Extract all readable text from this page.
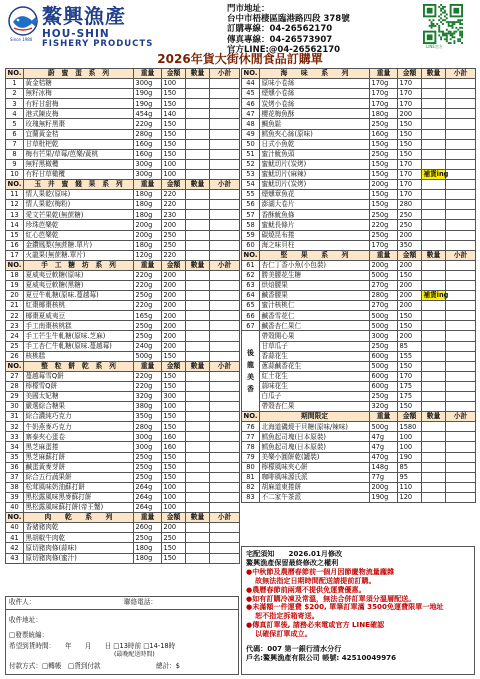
Since 1980
鰲興漁產
HOU-SHIN
FISHERY PRODUCTS
門市地址：
台中市梧棲區臨港路四段 378號
訂購專線：04-26562170
傳真專線：04-26573907
官方LINE:@04-26562170	LINE官方
2026年貨大街休閒食品訂購單
NO.	蔚　蜜　蛋　系　列	重量	金額	數量	小計
1	黃金桔糖	300g	100		
2	無籽冰梅	190g	150		
3	有籽甘甜梅	190g	150		
4	港式陳皮梅	454g	140		
5	玫瑰無籽黑棗	220g	150		
6	宜蘭黃金桔	280g	150		
7	甘草枇杷乾	160g	150		
8	梅有芒果/草莓/芭樂/黃桃	160g	150		
9	無籽黑橄欖	300g	100		
10	有籽甘草橄欖	300g	100		
NO.	玉　井　蜜　餞　果　系　列	重量	金額	數量	小計
11	情人果乾(原味)	180g	220		
12	情人果乾(梅粉)	180g	220		
13	愛文芒果乾(無蔗糖)	180g	230		
14	珍珠芭樂乾	200g	200		
15	紅心芭樂乾	200g	250		
16	金鑽鳳梨(無蔗糖.單片)	180g	250		
17	火龍果(無蔗糖.單片)	120g	220		
NO.	手　工　糖　坊　系　列	重量	金額	數量	小計
18	夏威夷豆軟糖(原味)	220g	200		
19	夏威夷豆軟糖(黑糖)	220g	200		
20	夏豆牛軋糖(原味.蔓越莓)	250g	200		
21	紅棗椰棗核桃	220g	200		
22	椰棗夏威夷豆	165g	200		
23	手工南棗核桃糕	250g	200		
24	手工芒生牛軋糖(原味.芝麻)	250g	200		
25	手工杏仁牛軋糖(原味.蔓越莓)	240g	200		
26	核桃糕	500g	150		
NO.	整　粒　餅　乾　系　列	重量	金額	數量	小計
27	蔓越莓雪Q餅	220g	150		
28	檸檬雪Q餅	220g	150		
29	美國太妃糖	320g	300		
30	嚴選綜合糖果	380g	100		
31	綜合濃純巧克力	350g	150		
32	牛奶燕麥巧克力	280g	150		
33	寨泰夾心蛋卷	300g	160		
34	黑芝麻蛋捲	300g	160		
35	黑芝麻蘇打餅	250g	150		
36	鹹蛋黃麥芽餅	250g	150		
37	綜合五行蔬果餅	250g	150		
38	松茸風味奶油蘇打餅	264g	100		
39	黑松露風味黑麥蘇打餅	264g	100		
40	黑松露風味蘇打餅(帝王蟹)	264g	100		
NO.	肉　　乾　　系　　列	重量	金額	數量	小計
40	香豬豬肉乾	260g	200		
41	黑胡椒牛肉乾	250g	250		
42	原切豬肉條(蒜味)	180g	150		
43	原切豬肉條(蜜汁)	180g	150		
NO.	海　　味　　系　　列	重量	金額	數量	小計
44	原味小卷絲	170g	170		
45	煙燻小卷絲	170g	170		
46	炭烤小卷絲	170g	170		
47	櫻花梅魚酥	180g	200		
48	鯛魚鬆	250g	150		
49	鱈魚夾心絲(原味)	160g	150		
50	日式小魚乾	150g	150		
51	蜜汁魷魚頭	250g	150		
52	蜜魷切片(炭烤)	150g	170		
53	蜜魷切片(麻辣)	150g	170	補貨ing	
54	蜜魷切片(炭烤)	200g	170		
55	煙燻章魚花	150g	170		
56	澎湖大卷片	150g	280		
57	香酥魷魚條	250g	250		
58	蜜魷長條片	220g	250		
59	碳燒昆布捲	250g	200		
60	海之味貝柱	170g	350		
NO.	堅　　果　　系　　列	重量	金額	數量	小計
61	杏仁丁香小魚(小包裝)	200g	200		
62	勝美腰花生糖	500g	150		
63	烘焙腰果	270g	200		
64	鹹香腰果	280g	200	補貨ing	
65	蜜汁核桃仁	270g	200		
66	鹹香雪花仁	500g	150		
67	鹹香杏仁果仁	500g	150		

後
龍
美
香	帶殼開心果	300g	200		
	甘草瓜子	250g	85		
	香蒜花生	600g	155		
	蔥蒜鹹香花生	500g	150		
	紅土花生	600g	170		
	蒜味花生	600g	175		
	白瓜子	250g	175		
	帶殼杏仁果	320g	150		
NO.	期間限定	重量	金額	數量	小計
76	北海道磯燒干貝糖(原味/辣味)	500g	1580		
77	鱈魚起司塊(日本原裝)	47g	100		
78	鱈魚起司塊(日本原裝)	47g	100		
79	美樂小圓餅乾(罐裝)	470g	190		
80	檸檬風味夾心餅	148g	85		
81	咖啡風味源氏派	77g	95		
82	胡麻道東捲餅	200g	110		
83	不二家午茶派	190g	120		
收件人：	聯絡電話：
收件地址：
□發票統編：
希望到貨時間：　　年　　月　　日 □13時前 □14-18時
(最晚配送時間)
付款方式：□轉帳　□貨到付款	總計：$
宅配須知　　2026.01月修改
鰲興漁產保留最終修改之權利
●中秋節及農曆春節前一個月因節慶物流量龐雜
故無法指定日期時間配送請提前訂購。
●農曆春節前兩週不提供免運費優惠。
●如有訂購冷凍及常溫，無法合併訂單須分溫層配送。
●未滿額一件運費 $200, 單筆訂單滿 3500免運費限單一地址
恕不指定拆箱寄送。
●傳真訂單後, 請務必來電或官方 LINE確認
以確保訂單成立。
代碼：007 第一銀行清水分行
戶名:鰲興漁產有限公司 帳號: 42510049976
